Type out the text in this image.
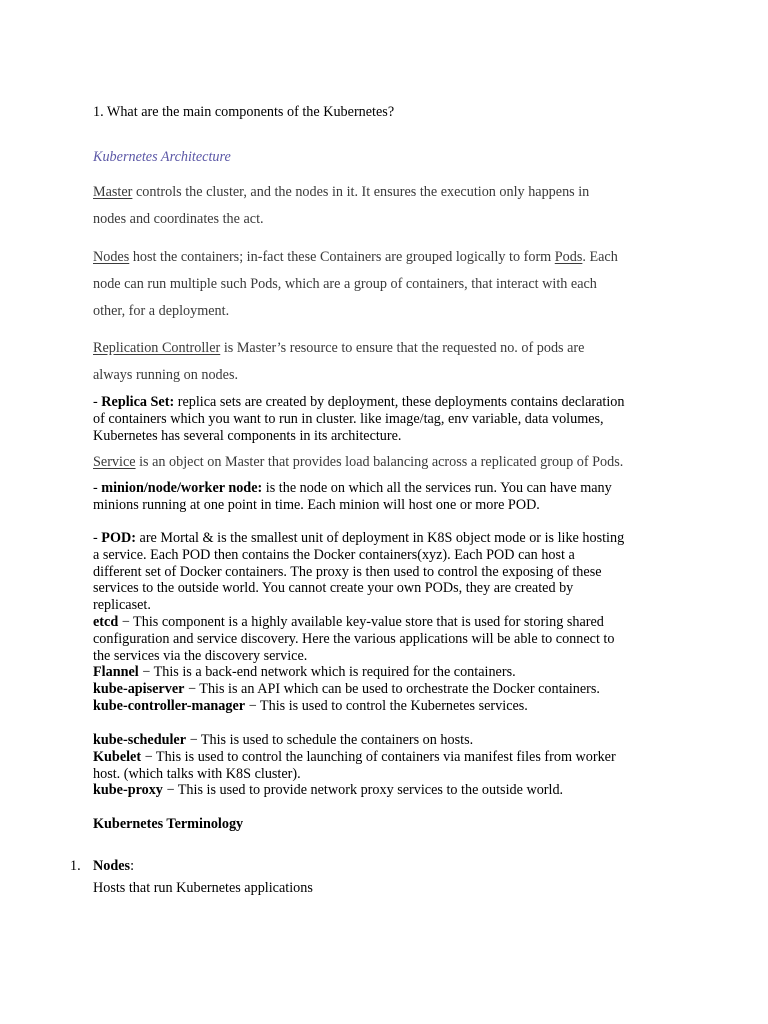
1. What are the main components of the Kubernetes?
Kubernetes Architecture

Master controls the cluster, and the nodes in it. It ensures the execution only happens in

nodes and coordinates the act.

Nodes host the containers; in-fact these Containers are grouped logically to form Pods. Each

node can run multiple such Pods, which are a group of containers, that interact with each

other, for a deployment.

Replication Controller is Master’s resource to ensure that the requested no. of pods are

always running on nodes.

- Replica Set: replica sets are created by deployment, these deployments contains declaration

of containers which you want to run in cluster. like image/tag, env variable, data volumes,

Kubernetes has several components in its architecture.

Service is an object on Master that provides load balancing across a replicated group of Pods.

- minion/node/worker node: is the node on which all the services run. You can have many

minions running at one point in time. Each minion will host one or more POD.

- POD: are Mortal & is the smallest unit of deployment in K8S object mode or is like hosting

a service. Each POD then contains the Docker containers(xyz). Each POD can host a

different set of Docker containers. The proxy is then used to control the exposing of these

services to the outside world. You cannot create your own PODs, they are created by

replicaset.

etcd − This component is a highly available key-value store that is used for storing shared

configuration and service discovery. Here the various applications will be able to connect to

the services via the discovery service.

Flannel − This is a back-end network which is required for the containers.

kube-apiserver − This is an API which can be used to orchestrate the Docker containers.

kube-controller-manager − This is used to control the Kubernetes services.

kube-scheduler − This is used to schedule the containers on hosts.

Kubelet − This is used to control the launching of containers via manifest files from worker

host. (which talks with K8S cluster).

kube-proxy − This is used to provide network proxy services to the outside world.

Kubernetes Terminology
1. Nodes:
Hosts that run Kubernetes applications
